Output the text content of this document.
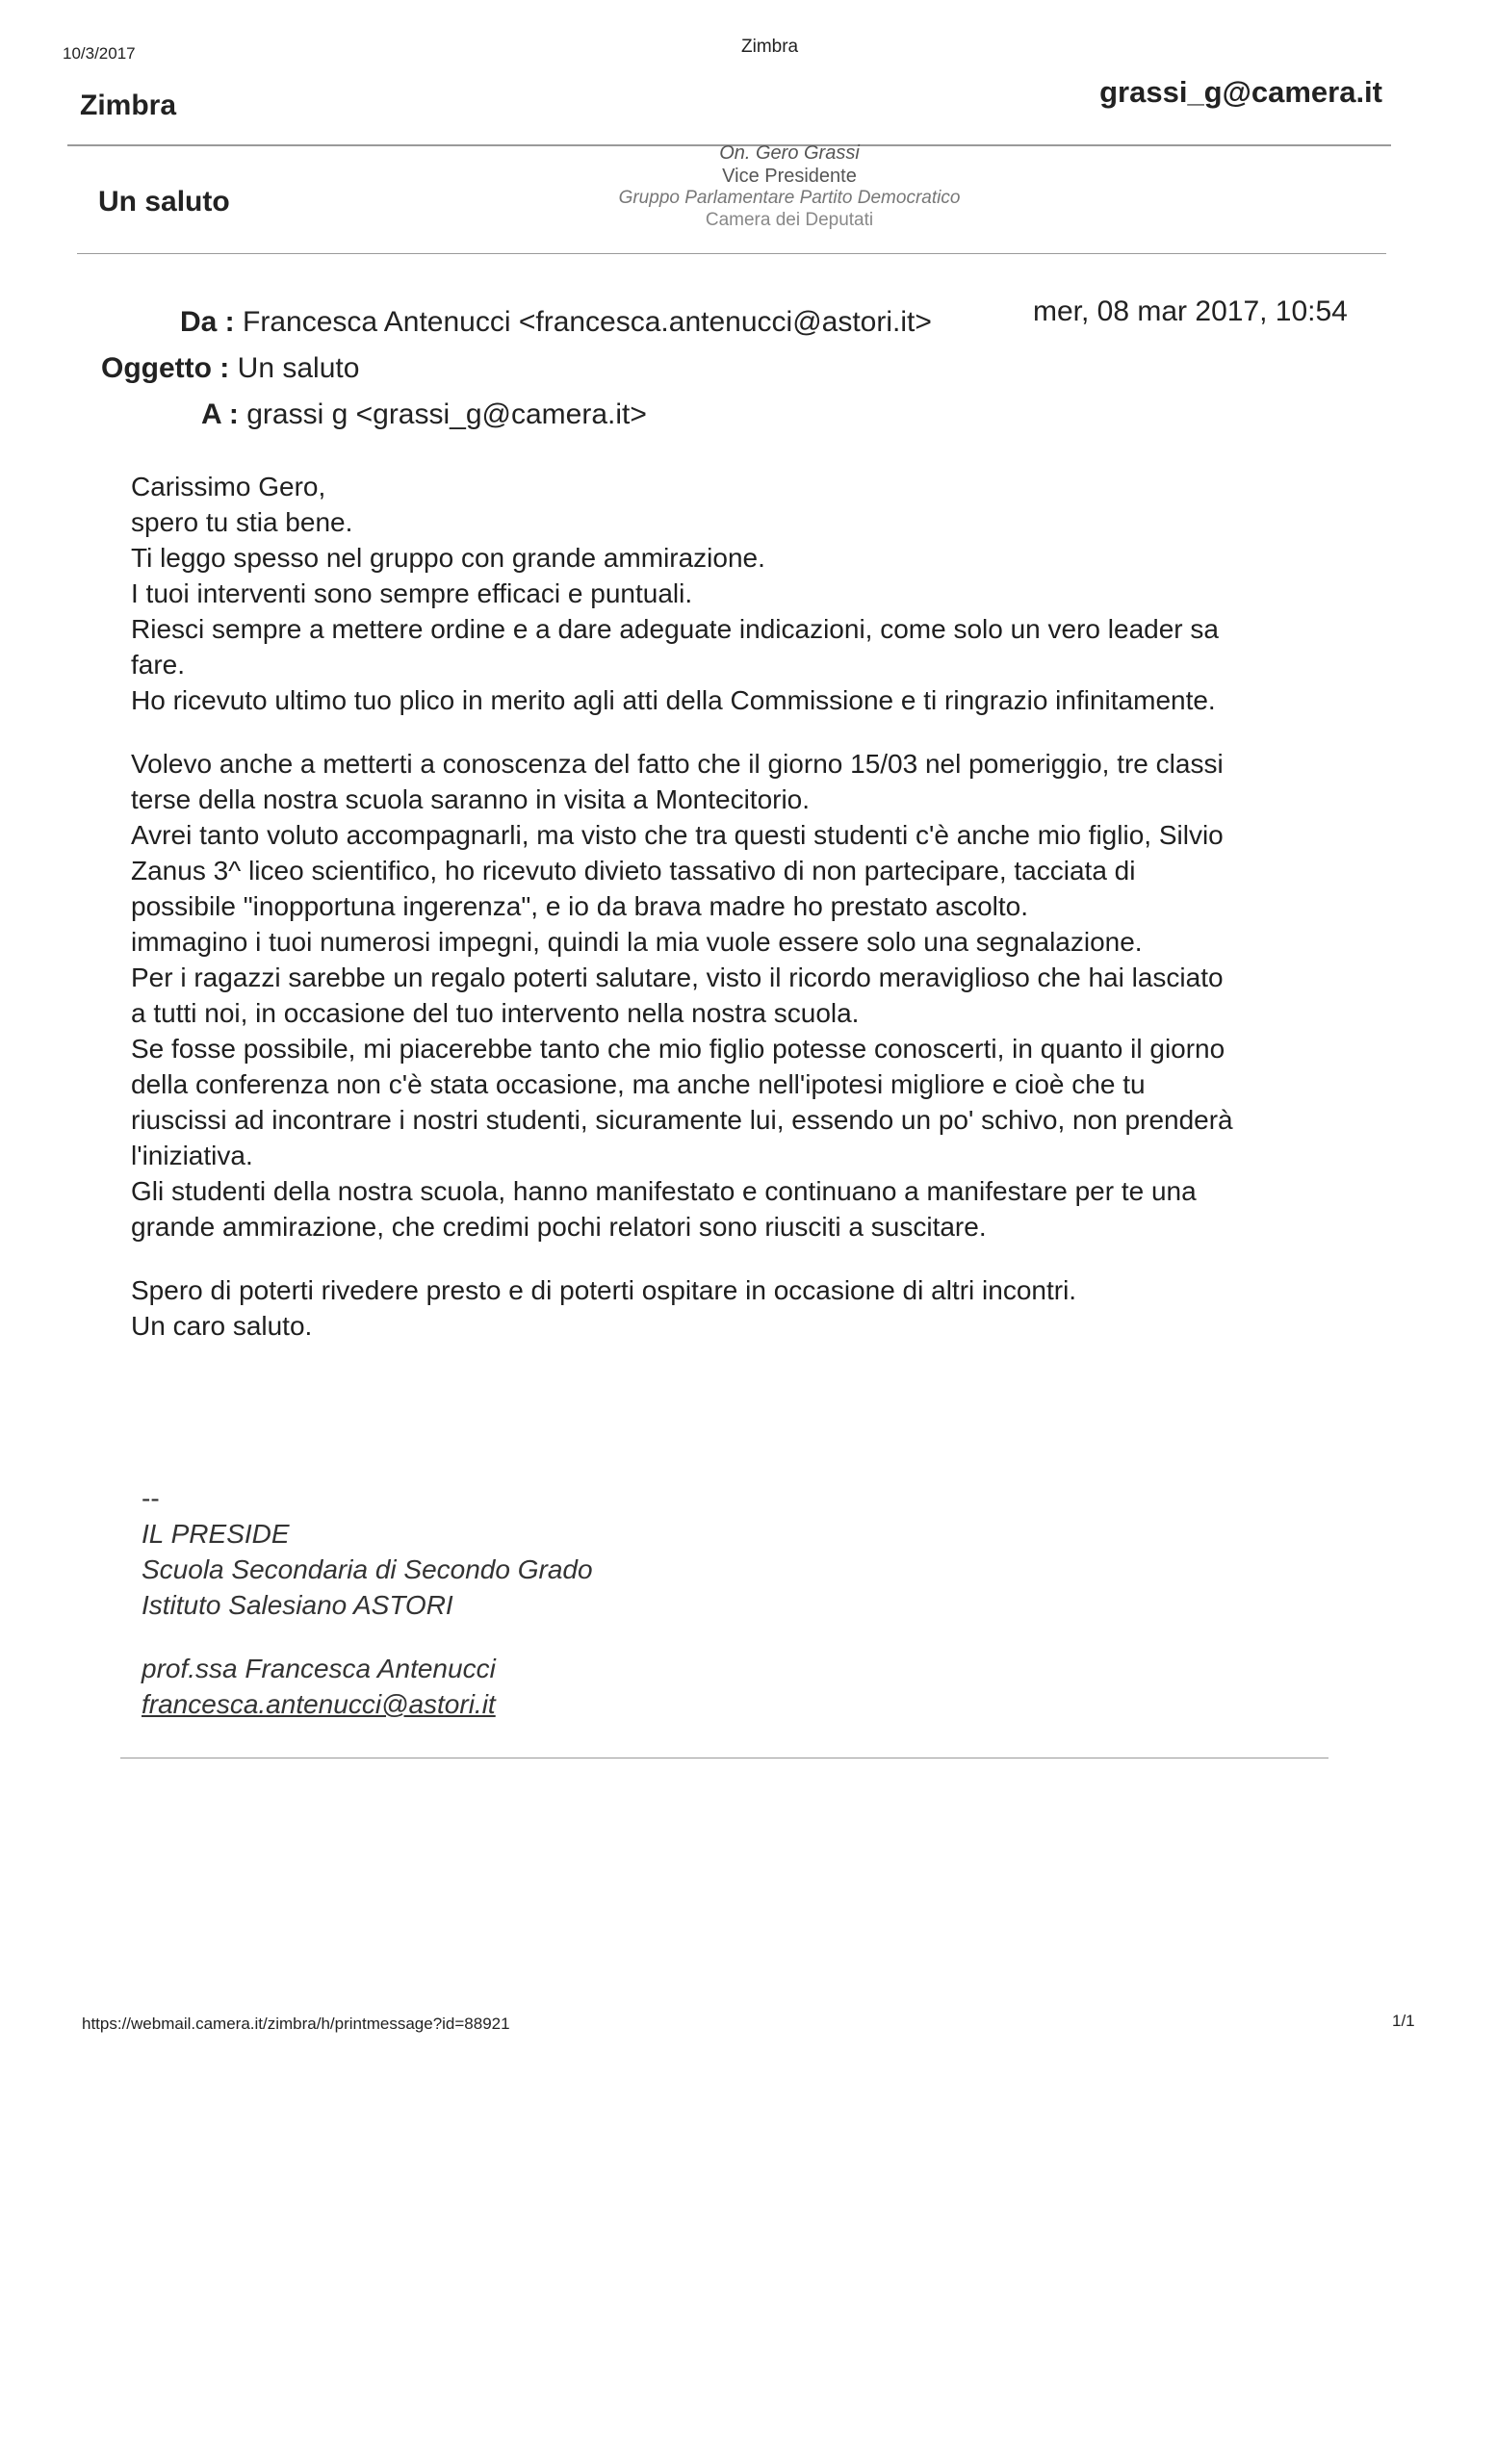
10/3/2017	Zimbra
Zimbra	grassi_g@camera.it
Un saluto
On. Gero Grassi
Vice Presidente
Gruppo Parlamentare Partito Democratico
Camera dei Deputati
Da : Francesca Antenucci <francesca.antenucci@astori.it>
Oggetto : Un saluto
A : grassi g <grassi_g@camera.it>
mer, 08 mar 2017, 10:54
Carissimo Gero,
spero tu stia bene.
Ti leggo spesso nel gruppo con grande ammirazione.
I tuoi interventi sono sempre efficaci e puntuali.
Riesci sempre a mettere ordine e a dare adeguate indicazioni, come solo un vero leader sa
fare.
Ho ricevuto ultimo tuo plico in merito agli atti della Commissione e ti ringrazio infinitamente.
Volevo anche a metterti a conoscenza del fatto che il giorno 15/03 nel pomeriggio, tre classi
terse della nostra scuola saranno in visita a Montecitorio.
Avrei tanto voluto accompagnarli, ma visto che tra questi studenti c'è anche mio figlio, Silvio
Zanus 3^ liceo scientifico, ho ricevuto divieto tassativo di non partecipare, tacciata di
possibile "inopportuna ingerenza", e io da brava madre ho prestato ascolto.
immagino i tuoi numerosi impegni, quindi la mia vuole essere solo una segnalazione.
Per i ragazzi sarebbe un regalo poterti salutare, visto il ricordo meraviglioso che hai lasciato
a tutti noi, in occasione del tuo intervento nella nostra scuola.
Se fosse possibile, mi piacerebbe tanto che mio figlio potesse conoscerti, in quanto il giorno
della conferenza non c'è stata occasione, ma anche nell'ipotesi migliore e cioè che tu
riuscissi ad incontrare i nostri studenti, sicuramente lui, essendo un po' schivo, non prenderà
l'iniziativa.
Gli studenti della nostra scuola, hanno manifestato e continuano a manifestare per te una
grande ammirazione, che credimi pochi relatori sono riusciti a suscitare.
Spero di poterti rivedere presto e di poterti ospitare in occasione di altri incontri.
Un caro saluto.
--
IL PRESIDE
Scuola Secondaria di Secondo Grado
Istituto Salesiano ASTORI
prof.ssa Francesca Antenucci
francesca.antenucci@astori.it
https://webmail.camera.it/zimbra/h/printmessage?id=88921	1/1
